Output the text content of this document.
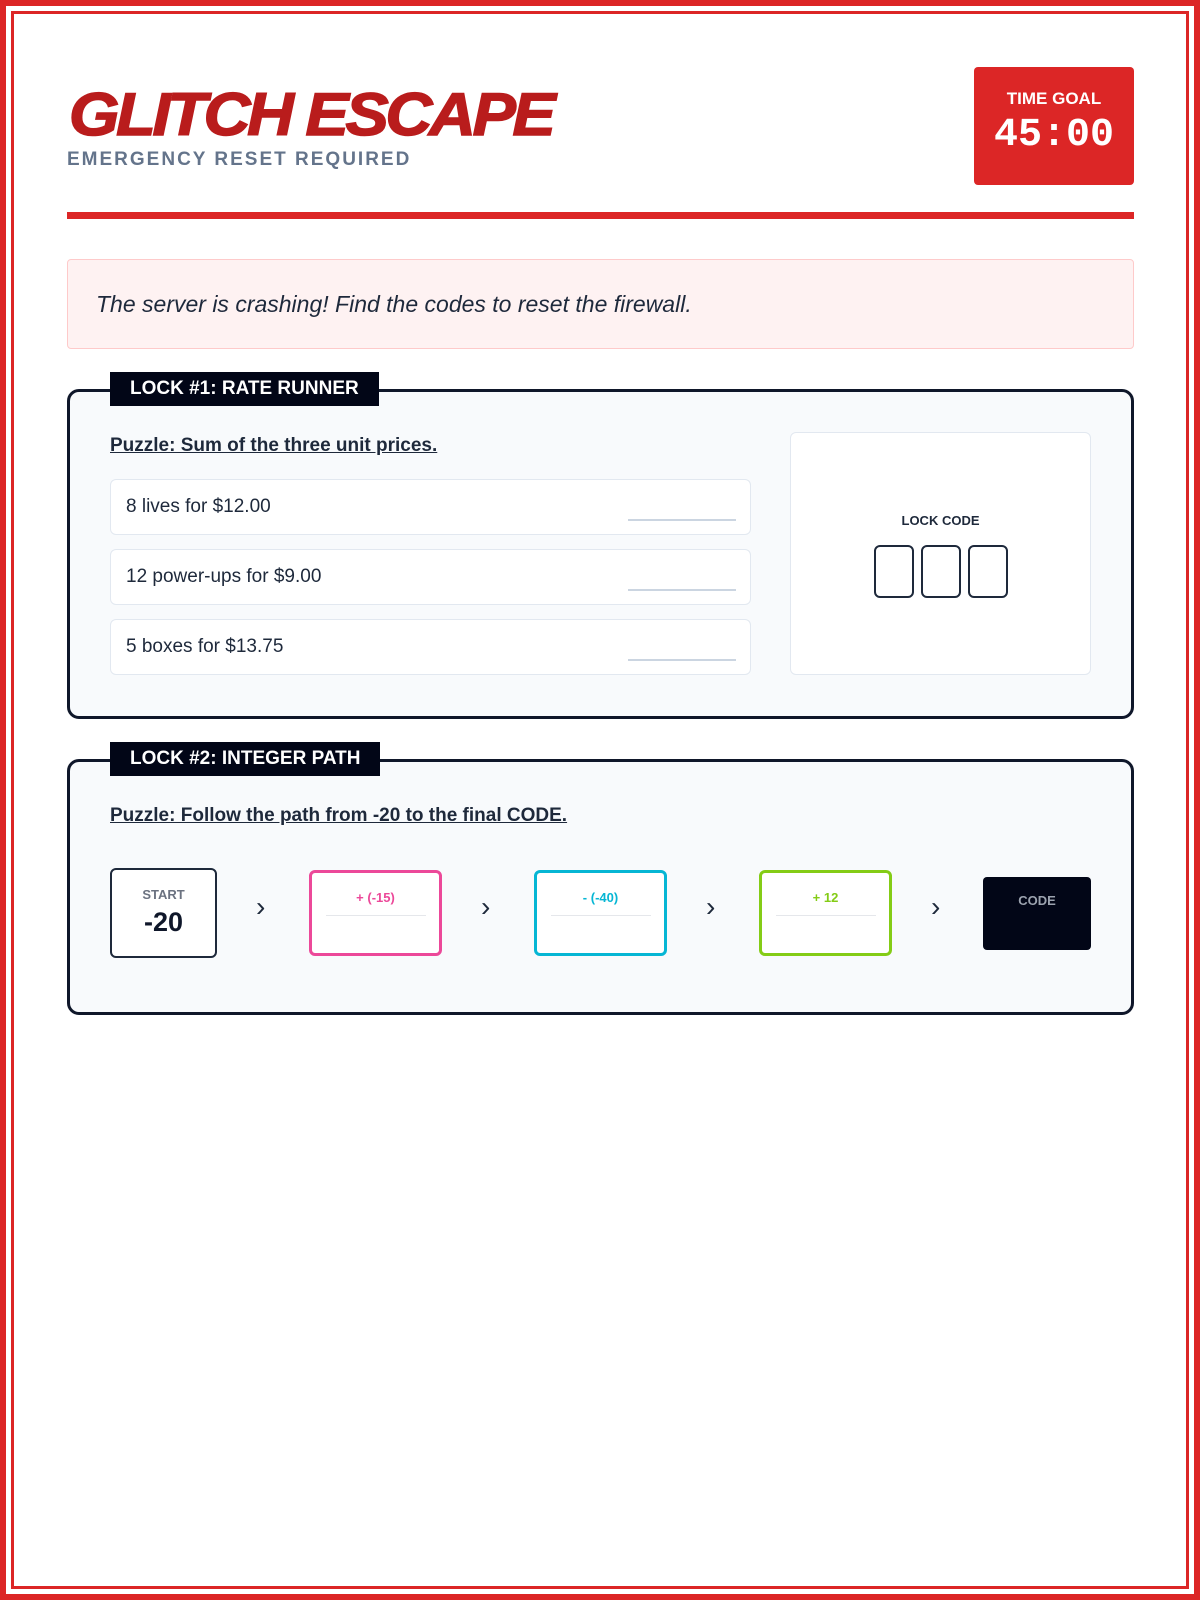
GLITCH ESCAPE
EMERGENCY RESET REQUIRED
TIME GOAL
45:00
The server is crashing! Find the codes to reset the firewall.
LOCK #1: RATE RUNNER
Puzzle: Sum of the three unit prices.
8 lives for $12.00
12 power-ups for $9.00
5 boxes for $13.75
LOCK CODE
LOCK #2: INTEGER PATH
Puzzle: Follow the path from -20 to the final CODE.
START
-20	›	+ (-15)	›	- (-40)	›	+ 12	›	CODE
